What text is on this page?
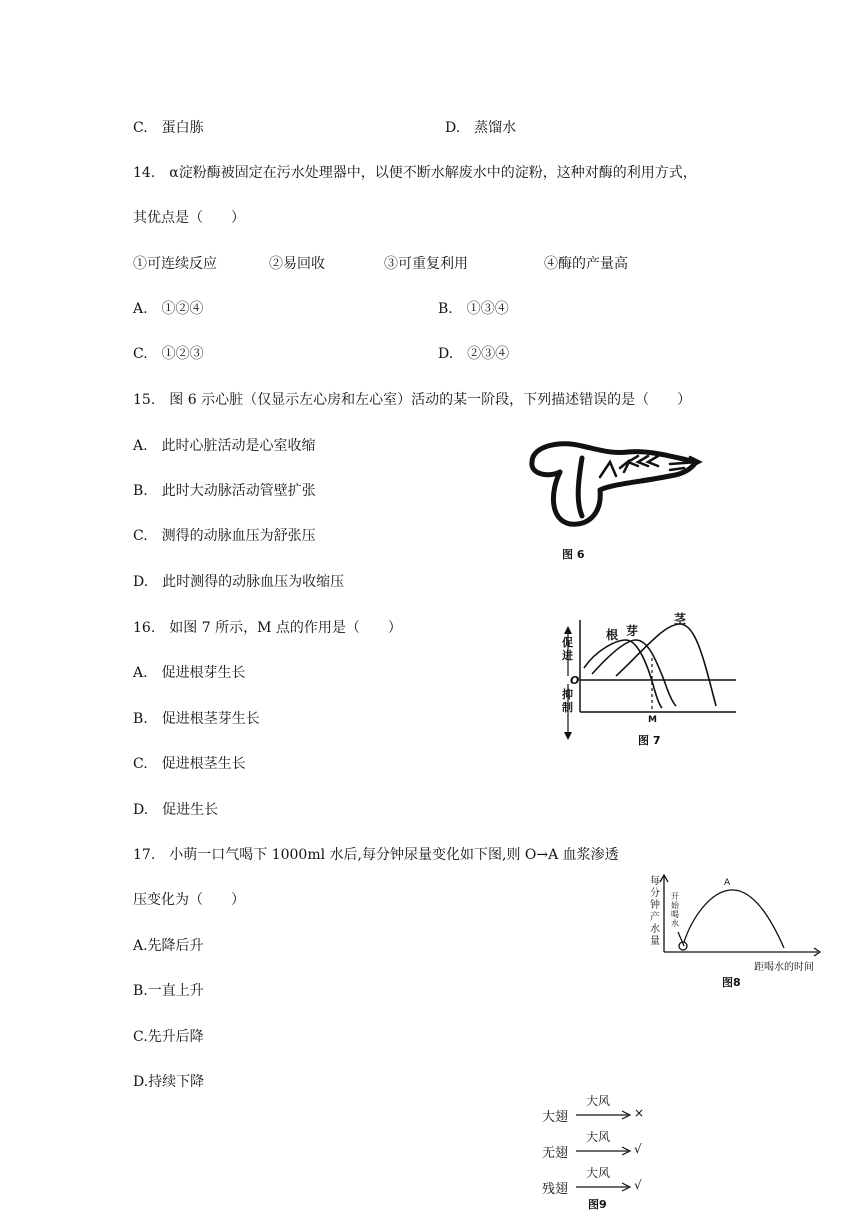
C.　蛋白胨	D.　蒸馏水
14.　α淀粉酶被固定在污水处理器中，以便不断水解废水中的淀粉，这种对酶的利用方式，
其优点是（　　）
①可连续反应	②易回收	③可重复利用	④酶的产量高
A.　①②④	B.　①③④
C.　①②③	D.　②③④
15.　图 6 示心脏（仅显示左心房和左心室）活动的某一阶段，下列描述错误的是（　　）
A.　此时心脏活动是心室收缩
B.　此时大动脉活动管壁扩张
C.　测得的动脉血压为舒张压
D.　此时测得的动脉血压为收缩压
图 6
16.　如图 7 所示，M 点的作用是（　　）
A.　促进根芽生长
B.　促进根茎芽生长
C.　促进根茎生长
D.　促进生长
根 芽
茎
促进
抑制
O
M
图 7
17.　小萌一口气喝下 1000ml 水后,每分钟尿量变化如下图,则 O→A 血浆渗透
压变化为（　　）
A.先降后升
B.一直上升
C.先升后降
D.持续下降
每分钟产水量
开始喝水
A
距喝水的时间
图8
大翅
大风
×
无翅
大风
√
残翅
大风
√
图9
